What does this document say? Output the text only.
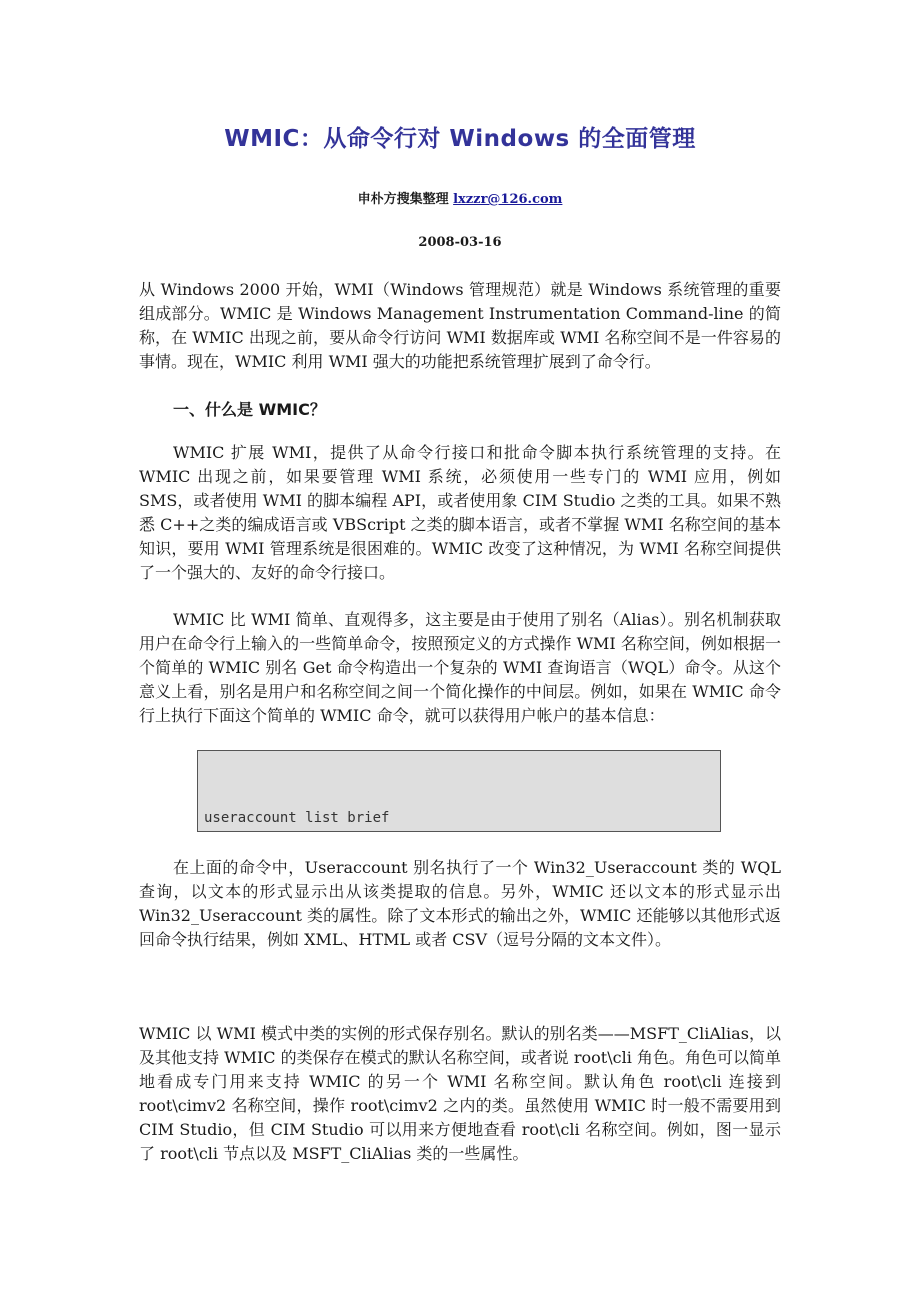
WMIC：从命令行对 Windows 的全面管理
申朴方搜集整理 lxzzr@126.com
2008-03-16

从 Windows 2000 开始，WMI（Windows 管理规范）就是 Windows 系统管理的重要组成部分。WMIC 是 Windows Management Instrumentation Command-line 的简称，在 WMIC 出现之前，要从命令行访问 WMI 数据库或 WMI 名称空间不是一件容易的事情。现在，WMIC 利用 WMI 强大的功能把系统管理扩展到了命令行。

一、什么是 WMIC？

WMIC 扩展 WMI，提供了从命令行接口和批命令脚本执行系统管理的支持。在 WMIC 出现之前，如果要管理 WMI 系统，必须使用一些专门的 WMI 应用，例如 SMS，或者使用 WMI 的脚本编程 API，或者使用象 CIM Studio 之类的工具。如果不熟悉 C++之类的编成语言或 VBScript 之类的脚本语言，或者不掌握 WMI 名称空间的基本知识，要用 WMI 管理系统是很困难的。WMIC 改变了这种情况，为 WMI 名称空间提供了一个强大的、友好的命令行接口。

WMIC 比 WMI 简单、直观得多，这主要是由于使用了别名（Alias）。别名机制获取用户在命令行上输入的一些简单命令，按照预定义的方式操作 WMI 名称空间，例如根据一个简单的 WMIC 别名 Get 命令构造出一个复杂的 WMI 查询语言（WQL）命令。从这个意义上看，别名是用户和名称空间之间一个简化操作的中间层。例如，如果在 WMIC 命令行上执行下面这个简单的 WMIC 命令，就可以获得用户帐户的基本信息：

useraccount list brief

在上面的命令中，Useraccount 别名执行了一个 Win32_Useraccount 类的 WQL 查询，以文本的形式显示出从该类提取的信息。另外，WMIC 还以文本的形式显示出 Win32_Useraccount 类的属性。除了文本形式的输出之外，WMIC 还能够以其他形式返回命令执行结果，例如 XML、HTML 或者 CSV（逗号分隔的文本文件）。

WMIC 以 WMI 模式中类的实例的形式保存别名。默认的别名类——MSFT_CliAlias，以及其他支持 WMIC 的类保存在模式的默认名称空间，或者说 root\cli 角色。角色可以简单地看成专门用来支持 WMIC 的另一个 WMI 名称空间。默认角色 root\cli 连接到 root\cimv2 名称空间，操作 root\cimv2 之内的类。虽然使用 WMIC 时一般不需要用到 CIM Studio，但 CIM Studio 可以用来方便地查看 root\cli 名称空间。例如，图一显示了 root\cli 节点以及 MSFT_CliAlias 类的一些属性。
